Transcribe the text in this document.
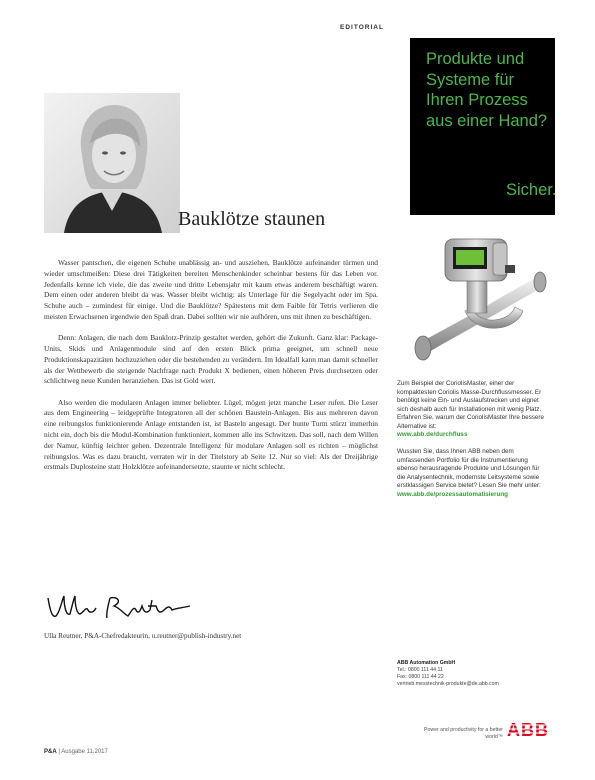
EDITORIAL
Bauklötze staunen

Wasser pantschen, die eigenen Schuhe unablässig an- und ausziehen, Bauklötze aufeinander türmen und wieder umschmeißen: Diese drei Tätigkeiten bereiten Menschenkinder scheinbar bestens für das Leben vor. Jedenfalls kenne ich viele, die das zweite und dritte Lebensjahr mit kaum etwas anderem beschäftigt waren. Dem einen oder anderen bleibt da was. Wasser bleibt wichtig: als Unterlage für die Segelyacht oder im Spa. Schuhe auch – zumindest für einige. Und die Bauklötze? Spätestens mit dem Faible für Tetris verlieren die meisten Erwachsenen irgendwie den Spaß dran. Dabei sollten wir nie aufhören, uns mit ihnen zu beschäftigen.

Denn: Anlagen, die nach dem Bauklotz-Prinzip gestaltet werden, gehört die Zukunft. Ganz klar: Package-Units, Skids und Anlagenmodule sind auf den ersten Blick prima geeignet, um schnell neue Produktionskapazitäten hochzuziehen oder die bestehenden zu verändern. Im Idealfall kann man damit schneller als der Wettbewerb die steigende Nachfrage nach Produkt X bedienen, einen höheren Preis durchsetzen oder schlichtweg neue Kunden heranziehen. Das ist Gold wert.

Also werden die modularen Anlagen immer beliebter. Lügel, mögen jetzt manche Leser rufen. Die Leser aus dem Engineering – leidgeprüfte Integratoren all der schönen Baustein-Anlagen. Bis aus mehreren davon eine reibungslos funktionierende Anlage entstanden ist, ist Basteln angesagt. Der bunte Turm stürzt immerhin nicht ein, doch bis die Modul-Kombination funktioniert, kommen alle ins Schwitzen. Das soll, nach dem Willen der Namur, künftig leichter gehen. Dezentrale Intelligenz für modulare Anlagen soll es richten – möglichst reibungslos. Was es dazu braucht, verraten wir in der Titelstory ab Seite 12. Nur so viel: Als der Dreijährige erstmals Duplosteine statt Holzklötze aufeinandersetzte, staunte er nicht schlecht.

Ulla Reutner, P&A-Chefredakteurin, u.reutner@publish-industry.net
P&A | Ausgabe 11.2017
Produkte und Systeme für Ihren Prozess aus einer Hand?
Sicher.

Zum Beispiel der CoriolisMaster, einer der kompaktesten Coriolis Masse-Durchflussmesser. Er benötigt keine Ein- und Auslaufstrecken und eignet sich deshalb auch für Installationen mit wenig Platz. Erfahren Sie, warum der CoriolisMaster Ihre bessere Alternative ist:
www.abb.de/durchfluss

Wussten Sie, dass Ihnen ABB neben dem umfassenden Portfolio für die Instrumentierung ebenso herausragende Produkte und Lösungen für die Analysentechnik, modernste Leitsysteme sowie erstklassigen Service bietet? Lesen Sie mehr unter:
www.abb.de/prozessautomatisierung

ABB Automation GmbH
Tel.: 0800 111 44 11
Fax: 0800 111 44 22
vertrieb.messtechnik-produkte@de.abb.com
Power and productivity for a better world™ ABB
